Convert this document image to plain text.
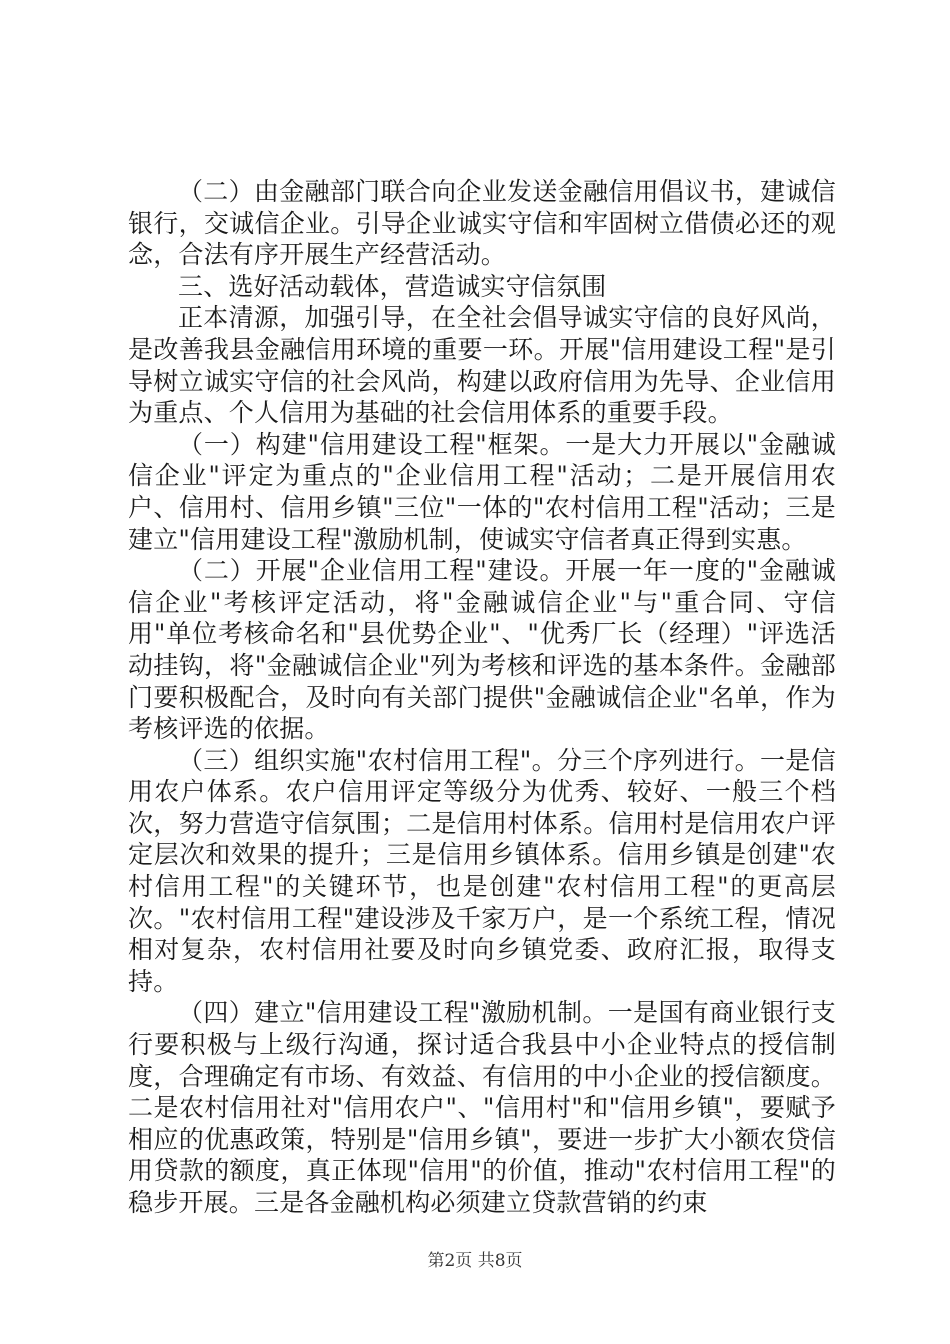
（二）由金融部门联合向企业发送金融信用倡议书，建诚信银行，交诚信企业。引导企业诚实守信和牢固树立借债必还的观念，合法有序开展生产经营活动。

三、选好活动载体，营造诚实守信氛围

正本清源，加强引导，在全社会倡导诚实守信的良好风尚，是改善我县金融信用环境的重要一环。开展"信用建设工程"是引导树立诚实守信的社会风尚，构建以政府信用为先导、企业信用为重点、个人信用为基础的社会信用体系的重要手段。

（一）构建"信用建设工程"框架。一是大力开展以"金融诚信企业"评定为重点的"企业信用工程"活动；二是开展信用农户、信用村、信用乡镇"三位"一体的"农村信用工程"活动；三是建立"信用建设工程"激励机制，使诚实守信者真正得到实惠。

（二）开展"企业信用工程"建设。开展一年一度的"金融诚信企业"考核评定活动，将"金融诚信企业"与"重合同、守信用"单位考核命名和"县优势企业"、"优秀厂长（经理）"评选活动挂钩，将"金融诚信企业"列为考核和评选的基本条件。金融部门要积极配合，及时向有关部门提供"金融诚信企业"名单，作为考核评选的依据。

（三）组织实施"农村信用工程"。分三个序列进行。一是信用农户体系。农户信用评定等级分为优秀、较好、一般三个档次，努力营造守信氛围；二是信用村体系。信用村是信用农户评定层次和效果的提升；三是信用乡镇体系。信用乡镇是创建"农村信用工程"的关键环节，也是创建"农村信用工程"的更高层次。"农村信用工程"建设涉及千家万户，是一个系统工程，情况相对复杂，农村信用社要及时向乡镇党委、政府汇报，取得支持。

（四）建立"信用建设工程"激励机制。一是国有商业银行支行要积极与上级行沟通，探讨适合我县中小企业特点的授信制度，合理确定有市场、有效益、有信用的中小企业的授信额度。二是农村信用社对"信用农户"、"信用村"和"信用乡镇"，要赋予相应的优惠政策，特别是"信用乡镇"，要进一步扩大小额农贷信用贷款的额度，真正体现"信用"的价值，推动"农村信用工程"的稳步开展。三是各金融机构必须建立贷款营销的约束

第2页 共8页
